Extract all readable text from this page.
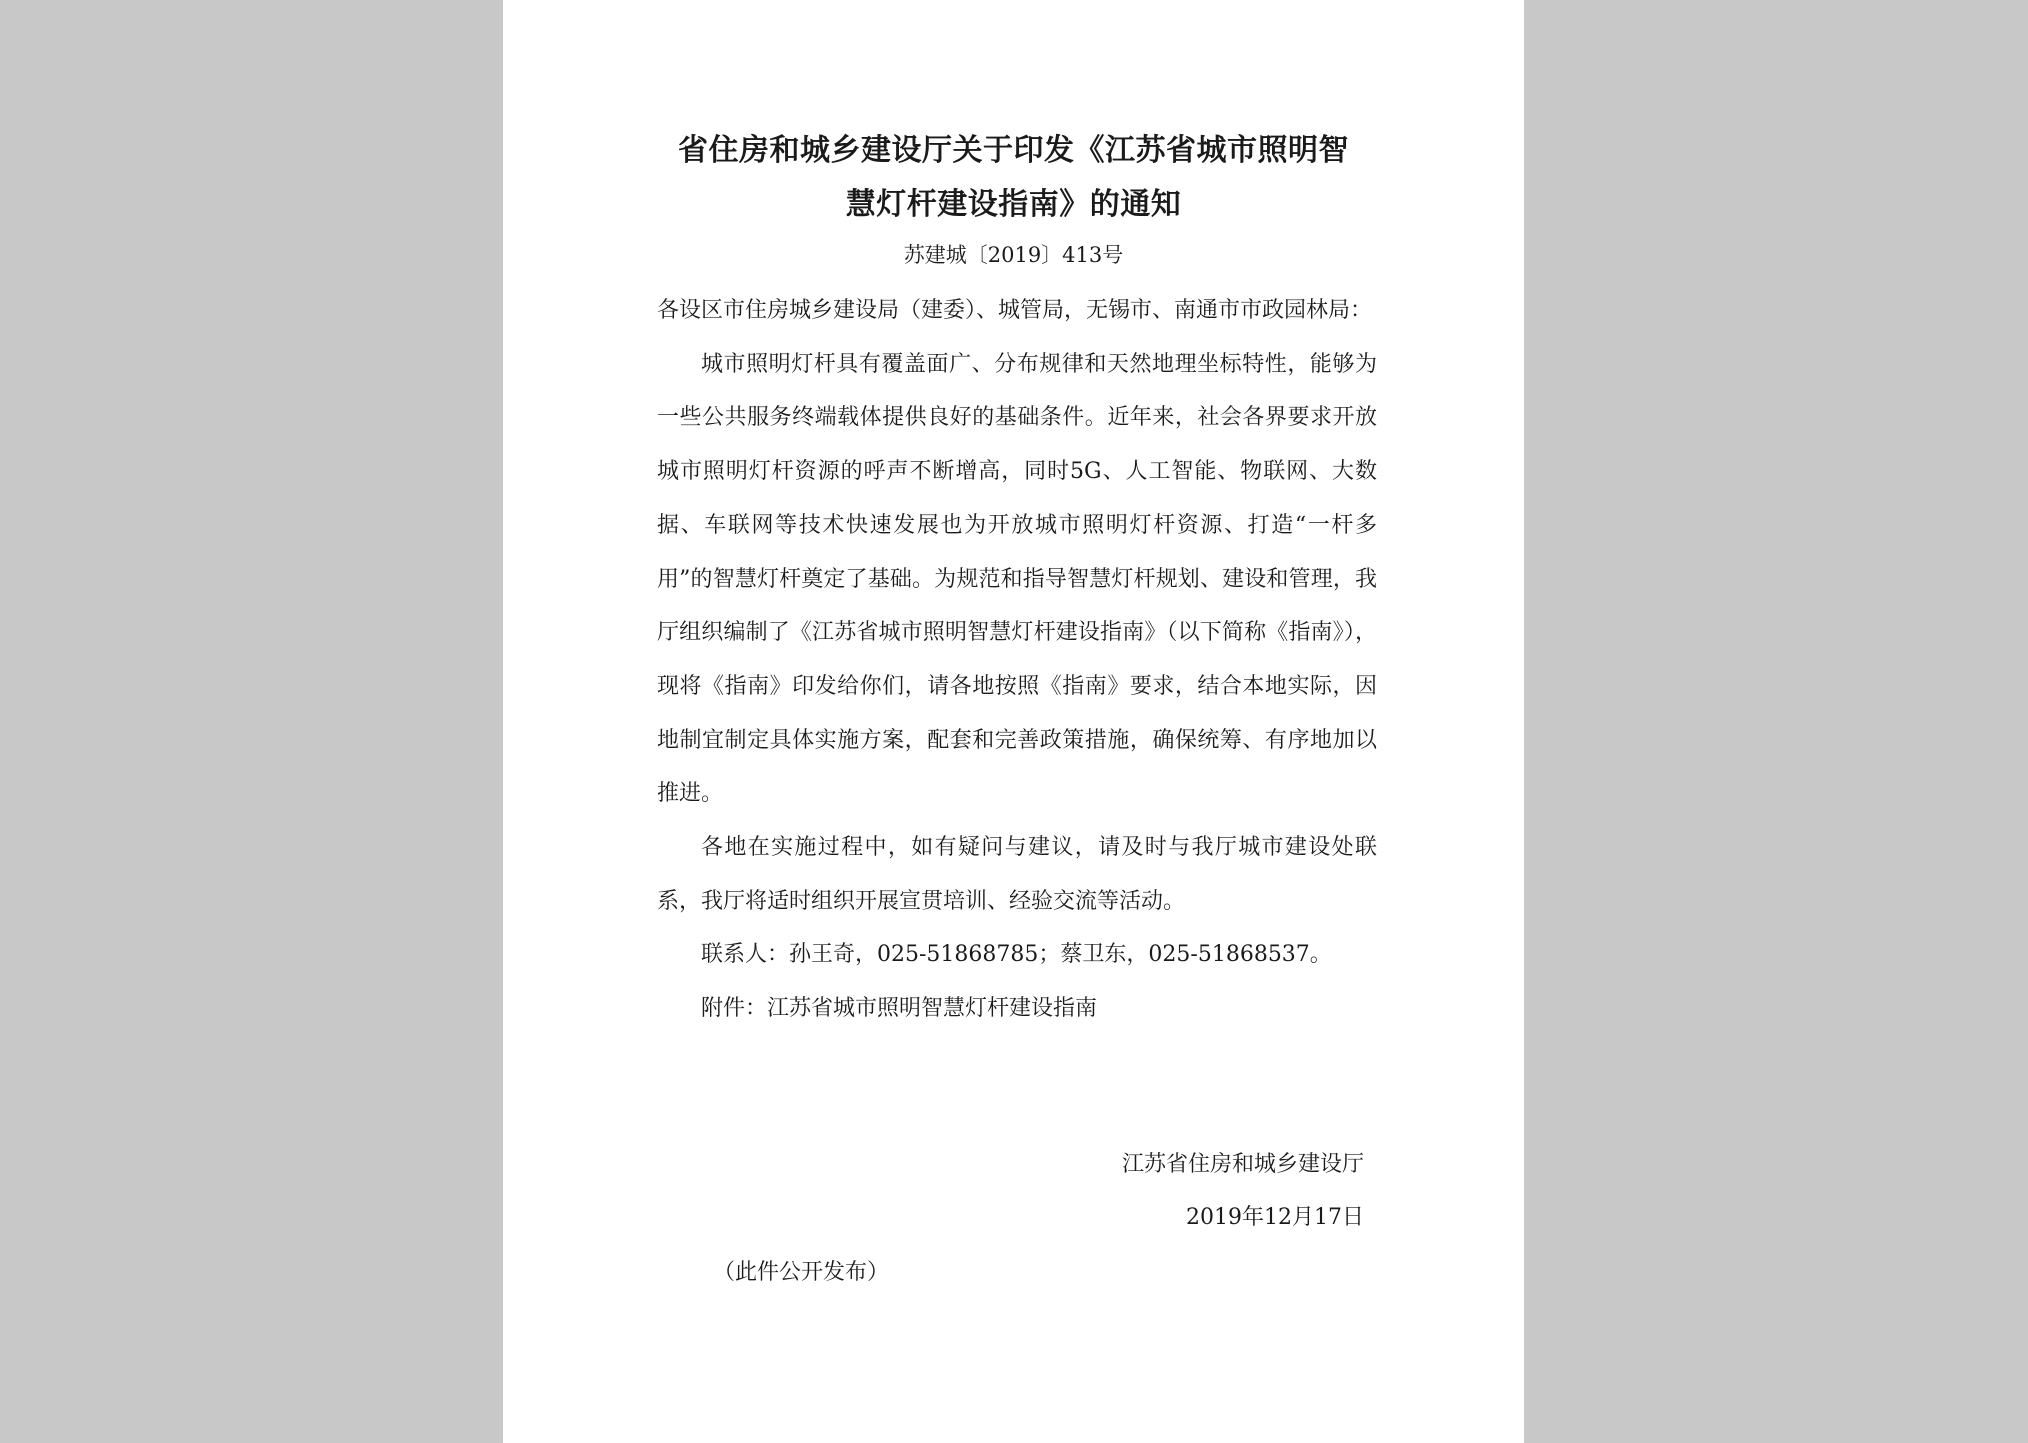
省住房和城乡建设厅关于印发《江苏省城市照明智
慧灯杆建设指南》的通知
苏建城〔2019〕413号

各设区市住房城乡建设局（建委）、城管局，无锡市、南通市市政园林局：

城市照明灯杆具有覆盖面广、分布规律和天然地理坐标特性，能够为一些公共服务终端载体提供良好的基础条件。近年来，社会各界要求开放城市照明灯杆资源的呼声不断增高，同时5G、人工智能、物联网、大数据、车联网等技术快速发展也为开放城市照明灯杆资源、打造“一杆多用”的智慧灯杆奠定了基础。为规范和指导智慧灯杆规划、建设和管理，我厅组织编制了《江苏省城市照明智慧灯杆建设指南》（以下简称《指南》），现将《指南》印发给你们，请各地按照《指南》要求，结合本地实际，因地制宜制定具体实施方案，配套和完善政策措施，确保统筹、有序地加以推进。

各地在实施过程中，如有疑问与建议，请及时与我厅城市建设处联系，我厅将适时组织开展宣贯培训、经验交流等活动。

联系人：孙王奇，025-51868785；蔡卫东，025-51868537。

附件：江苏省城市照明智慧灯杆建设指南

江苏省住房和城乡建设厅
2019年12月17日
（此件公开发布）
